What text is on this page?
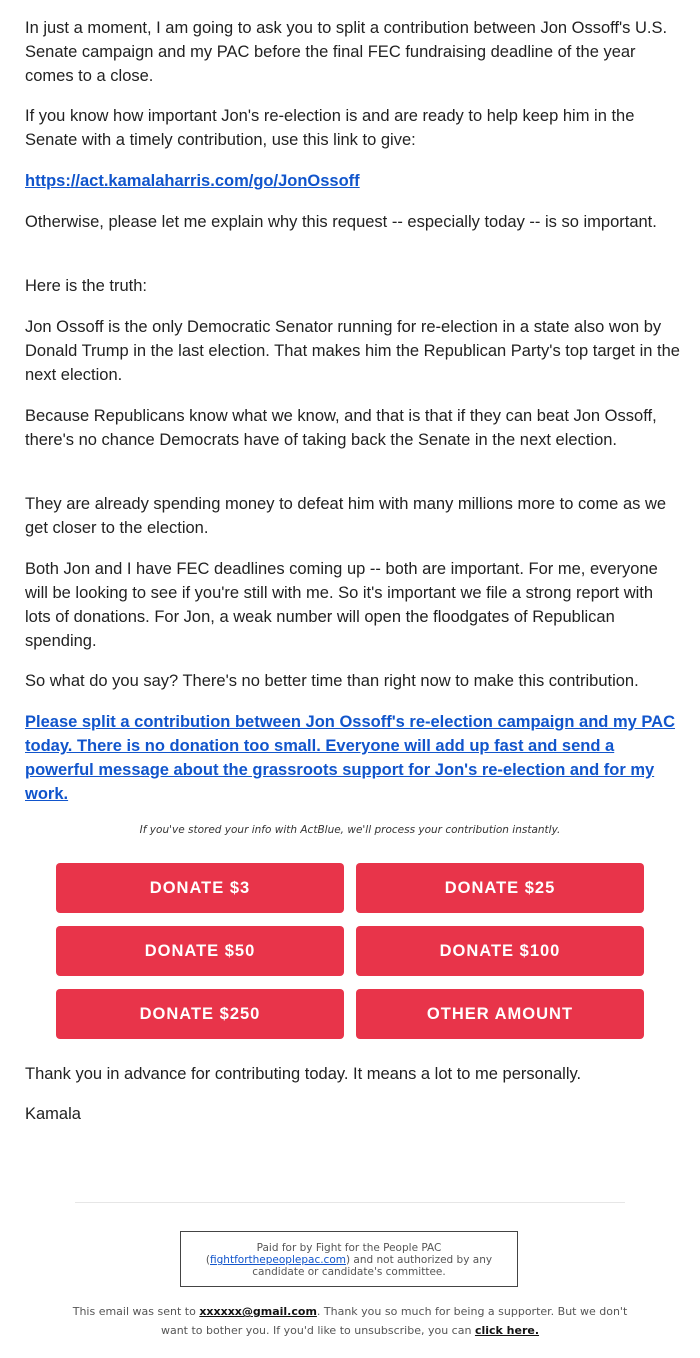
In just a moment, I am going to ask you to split a contribution between Jon Ossoff's U.S. Senate campaign and my PAC before the final FEC fundraising deadline of the year comes to a close.

If you know how important Jon's re-election is and are ready to help keep him in the Senate with a timely contribution, use this link to give:

https://act.kamalaharris.com/go/JonOssoff

Otherwise, please let me explain why this request -- especially today -- is so important.

Here is the truth:

Jon Ossoff is the only Democratic Senator running for re-election in a state also won by Donald Trump in the last election. That makes him the Republican Party's top target in the next election.

Because Republicans know what we know, and that is that if they can beat Jon Ossoff, there's no chance Democrats have of taking back the Senate in the next election.

They are already spending money to defeat him with many millions more to come as we get closer to the election.

Both Jon and I have FEC deadlines coming up -- both are important. For me, everyone will be looking to see if you're still with me. So it's important we file a strong report with lots of donations. For Jon, a weak number will open the floodgates of Republican spending.

So what do you say? There's no better time than right now to make this contribution.

Please split a contribution between Jon Ossoff's re-election campaign and my PAC today. There is no donation too small. Everyone will add up fast and send a powerful message about the grassroots support for Jon's re-election and for my work.

If you've stored your info with ActBlue, we'll process your contribution instantly.
DONATE $3	DONATE $25
DONATE $50	DONATE $100
DONATE $250	OTHER AMOUNT

Thank you in advance for contributing today. It means a lot to me personally.

Kamala

Paid for by Fight for the People PAC
(fightforthepeoplepac.com) and not authorized by any candidate or candidate's committee.
This email was sent to xxxxxx@gmail.com. Thank you so much for being a supporter. But we don't want to bother you. If you'd like to unsubscribe, you can click here.
